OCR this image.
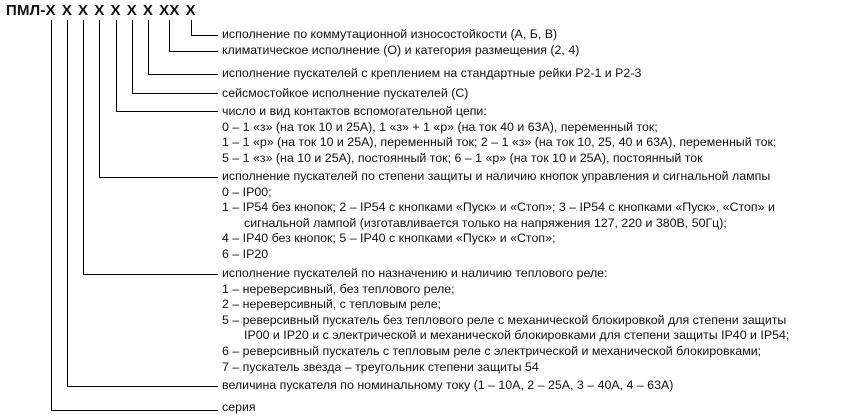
ПМЛ-Х Х Х Х Х Х Х ХХ Х
исполнение по коммутационной износостойкости (А, Б, В)
климатическое исполнение (О) и категория размещения (2, 4)
исполнение пускателей с креплением на стандартные рейки Р2-1 и Р2-3
сейсмостойкое исполнение пускателей (С)
число и вид контактов вспомогательной цепи:
0 – 1 «з» (на ток 10 и 25А), 1 «з» + 1 «р» (на ток 40 и 63А), переменный ток;
1 – 1 «р» (на ток 10 и 25А), переменный ток; 2 – 1 «з» (на ток 10, 25, 40 и 63А), переменный ток;
5 – 1 «з» (на 10 и 25А), постоянный ток; 6 – 1 «р» (на ток 10 и 25А), постоянный ток
исполнение пускателей по степени защиты и наличию кнопок управления и сигнальной лампы
0 – IP00;
1 – IP54 без кнопок; 2 – IP54 с кнопками «Пуск» и «Стоп»; 3 – IP54 с кнопками «Пуск», «Стоп» и
сигнальной лампой (изготавливается только на напряжения 127, 220 и 380В, 50Гц);
4 – IP40 без кнопок; 5 – IP40 с кнопками «Пуск» и «Стоп»;
6 – IP20
исполнение пускателей по назначению и наличию теплового реле:
1 – нереверсивный, без теплового реле;
2 – нереверсивный, с тепловым реле;
5 – реверсивный пускатель без теплового реле с механической блокировкой для степени защиты
IP00 и IP20 и с электрической и механической блокировками для степени защиты IP40 и IP54;
6 – реверсивный пускатель с тепловым реле с электрической и механической блокировками;
7 – пускатель звезда – треугольник степени защиты 54
величина пускателя по номинальному току (1 – 10А, 2 – 25А, 3 – 40А, 4 – 63А)
серия
